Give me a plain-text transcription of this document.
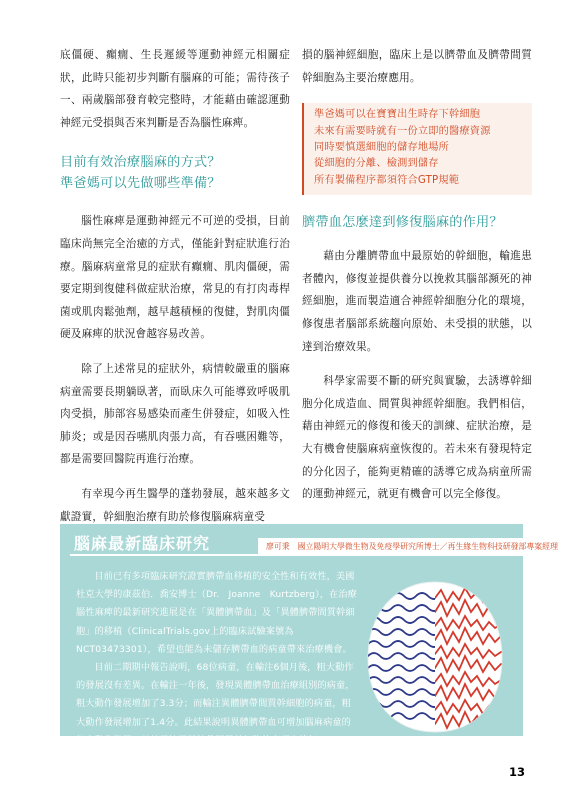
底僵硬、癲癇、生長遲緩等運動神經元相關症狀，此時只能初步判斷有腦麻的可能；需待孩子一、兩歲腦部發育較完整時，才能藉由確認運動神經元受損與否來判斷是否為腦性麻痺。

目前有效治療腦麻的方式？
準爸媽可以先做哪些準備？

腦性麻痺是運動神經元不可逆的受損，目前臨床尚無完全治癒的方式，僅能針對症狀進行治療。腦麻病童常見的症狀有癲癇、肌肉僵硬，需要定期到復健科做症狀治療，常見的有打肉毒桿菌或肌肉鬆弛劑，越早越積極的復健，對肌肉僵硬及麻痺的狀況會越容易改善。

除了上述常見的症狀外，病情較嚴重的腦麻病童需要長期躺臥著，而臥床久可能導致呼吸肌肉受損，肺部容易感染而產生併發症，如吸入性肺炎；或是因吞嚥肌肉張力高，有吞嚥困難等，都是需要回醫院再進行治療。

有幸現今再生醫學的蓬勃發展，越來越多文獻證實，幹細胞治療有助於修復腦麻病童受

損的腦神經細胞，臨床上是以臍帶血及臍帶間質幹細胞為主要治療應用。

準爸媽可以在寶寶出生時存下幹細胞
未來有需要時就有一份立即的醫療資源
同時要慎選細胞的儲存地場所
從細胞的分離、檢測到儲存
所有製備程序都須符合GTP規範
臍帶血怎麼達到修復腦麻的作用？

藉由分離臍帶血中最原始的幹細胞，輸進患者體內，修復並提供養分以挽救其腦部瀕死的神經細胞，進而製造適合神經幹細胞分化的環境，修復患者腦部系統趨向原始、未受損的狀態，以達到治療效果。

科學家需要不斷的研究與實驗，去誘導幹細胞分化成造血、間質與神經幹細胞。我們相信，藉由神經元的修復和後天的訓練、症狀治療，是大有機會使腦麻病童恢復的。若未來有發現特定的分化因子，能夠更精確的誘導它成為病童所需的運動神經元，就更有機會可以完全修復。

腦麻最新臨床研究	廖可秉　國立陽明大學微生物及免疫學研究所博士／再生緣生物科技研發部專案經理

目前已有多項臨床研究證實臍帶血移植的安全性和有效性，美國杜克大學的康茲伯．喬安博士（Dr.　Joanne　Kurtzberg），在治療腦性麻痺的最新研究進展是在「異體臍帶血」及「異體臍帶間質幹細胞」的移植（ClinicalTrials.gov上的臨床試驗案號為NCT03473301），希望也能為未儲存臍帶血的病童帶來治療機會。

目前二期期中報告說明，68位病童，在輸注6個月後，粗大動作的發展沒有差異。在輸注一年後，發現異體臍帶血治療組別的病童，粗大動作發展增加了3.3分；而輸注異體臍帶間質幹細胞的病童，粗大動作發展增加了1.4分。此結果說明異體臍帶血可增加腦麻病童的粗大動作發展，其效果比異體臍帶間質幹細胞的表現來的好。

13
